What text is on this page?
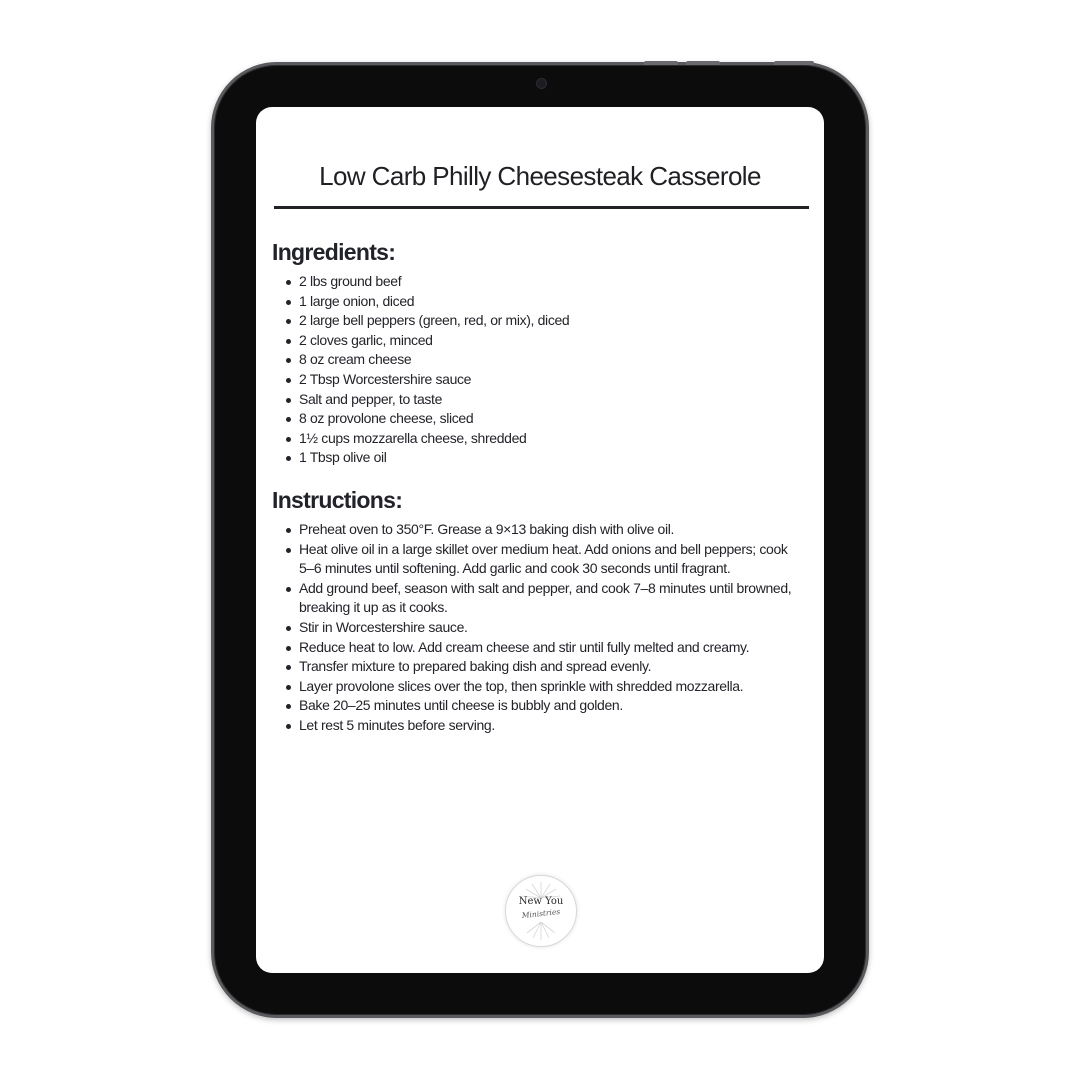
Low Carb Philly Cheesesteak Casserole
Ingredients:
2 lbs ground beef
1 large onion, diced
2 large bell peppers (green, red, or mix), diced
2 cloves garlic, minced
8 oz cream cheese
2 Tbsp Worcestershire sauce
Salt and pepper, to taste
8 oz provolone cheese, sliced
1½ cups mozzarella cheese, shredded
1 Tbsp olive oil
Instructions:
Preheat oven to 350°F. Grease a 9×13 baking dish with olive oil.
Heat olive oil in a large skillet over medium heat. Add onions and bell peppers; cook 5–6 minutes until softening. Add garlic and cook 30 seconds until fragrant.
Add ground beef, season with salt and pepper, and cook 7–8 minutes until browned, breaking it up as it cooks.
Stir in Worcestershire sauce.
Reduce heat to low. Add cream cheese and stir until fully melted and creamy.
Transfer mixture to prepared baking dish and spread evenly.
Layer provolone slices over the top, then sprinkle with shredded mozzarella.
Bake 20–25 minutes until cheese is bubbly and golden.
Let rest 5 minutes before serving.
New You
Ministries
